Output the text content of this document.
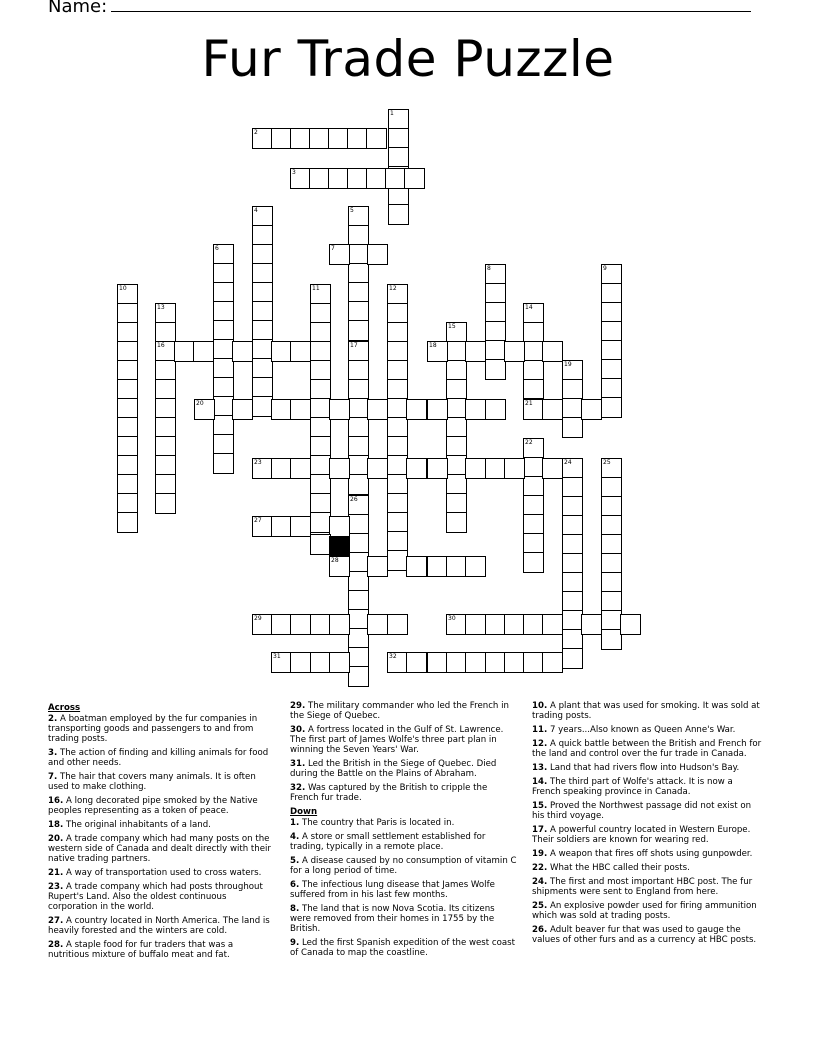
Name:
Fur Trade Puzzle
1
2
3
4	5
6	7
8	9
10	11	12
13	14
15
16	17	18
19
20	21
22
23	24	25
26
27
28
29	30
31	32
Across
2. A boatman employed by the fur companies in transporting goods and passengers to and from trading posts.
3. The action of finding and killing animals for food and other needs.
7. The hair that covers many animals. It is often used to make clothing.
16. A long decorated pipe smoked by the Native peoples representing as a token of peace.
18. The original inhabitants of a land.
20. A trade company which had many posts on the western side of Canada and dealt directly with their native trading partners.
21. A way of transportation used to cross waters.
23. A trade company which had posts throughout Rupert's Land. Also the oldest continuous corporation in the world.
27. A country located in North America. The land is heavily forested and the winters are cold.
28. A staple food for fur traders that was a nutritious mixture of buffalo meat and fat.
29. The military commander who led the French in the Siege of Quebec.
30. A fortress located in the Gulf of St. Lawrence. The first part of James Wolfe's three part plan in winning the Seven Years' War.
31. Led the British in the Siege of Quebec. Died during the Battle on the Plains of Abraham.
32. Was captured by the British to cripple the French fur trade.
Down
1. The country that Paris is located in.
4. A store or small settlement established for trading, typically in a remote place.
5. A disease caused by no consumption of vitamin C for a long period of time.
6. The infectious lung disease that James Wolfe suffered from in his last few months.
8. The land that is now Nova Scotia. Its citizens were removed from their homes in 1755 by the British.
9. Led the first Spanish expedition of the west coast of Canada to map the coastline.
10. A plant that was used for smoking. It was sold at trading posts.
11. 7 years...Also known as Queen Anne's War.
12. A quick battle between the British and French for the land and control over the fur trade in Canada.
13. Land that had rivers flow into Hudson's Bay.
14. The third part of Wolfe's attack. It is now a French speaking province in Canada.
15. Proved the Northwest passage did not exist on his third voyage.
17. A powerful country located in Western Europe. Their soldiers are known for wearing red.
19. A weapon that fires off shots using gunpowder.
22. What the HBC called their posts.
24. The first and most important HBC post. The fur shipments were sent to England from here.
25. An explosive powder used for firing ammunition which was sold at trading posts.
26. Adult beaver fur that was used to gauge the values of other furs and as a currency at HBC posts.
